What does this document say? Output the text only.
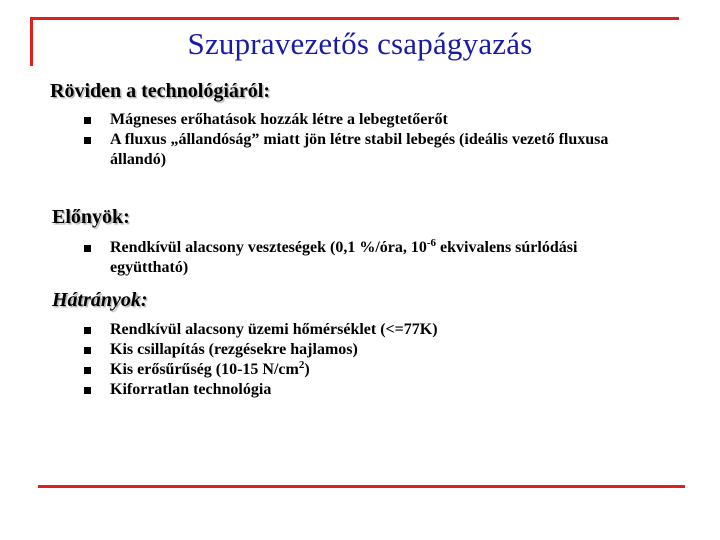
Szupravezetős csapágyazás
Röviden a technológiáról:
Mágneses erőhatások hozzák létre a lebegtetőerőt
A fluxus „állandóság” miatt jön létre stabil lebegés (ideális vezető fluxusa állandó)
Előnyök:
Rendkívül alacsony veszteségek (0,1 %/óra, $10^{-6}$ ekvivalens súrlódási együttható)
Hátrányok:
Rendkívül alacsony üzemi hőmérséklet (<=77K)
Kis csillapítás (rezgésekre hajlamos)
Kis erősűrűség (10-15 $N/cm^2$)
Kiforratlan technológia
